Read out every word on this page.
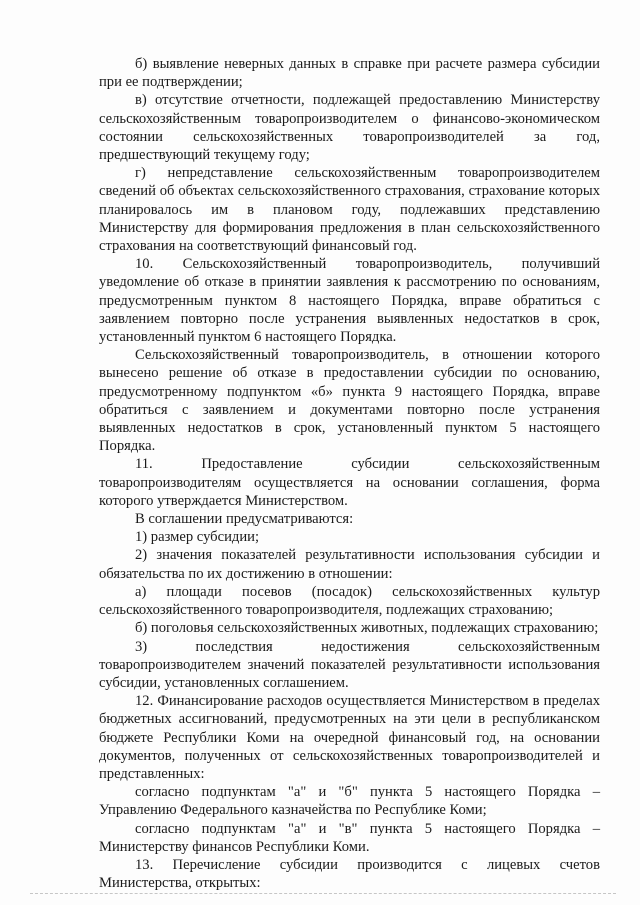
б) выявление неверных данных в справке при расчете размера субсидии при ее подтверждении;

в) отсутствие отчетности, подлежащей предоставлению Министерству сельскохозяйственным товаропроизводителем о финансово-экономическом состоянии сельскохозяйственных товаропроизводителей за год, предшествующий текущему году;

г) непредставление сельскохозяйственным товаропроизводителем сведений об объектах сельскохозяйственного страхования, страхование которых планировалось им в плановом году, подлежавших представлению Министерству для формирования предложения в план сельскохозяйственного страхования на соответствующий финансовый год.

10. Сельскохозяйственный товаропроизводитель, получивший уведомление об отказе в принятии заявления к рассмотрению по основаниям, предусмотренным пунктом 8 настоящего Порядка, вправе обратиться с заявлением повторно после устранения выявленных недостатков в срок, установленный пунктом 6 настоящего Порядка.

Сельскохозяйственный товаропроизводитель, в отношении которого вынесено решение об отказе в предоставлении субсидии по основанию, предусмотренному подпунктом «б» пункта 9 настоящего Порядка, вправе обратиться с заявлением и документами повторно после устранения выявленных недостатков в срок, установленный пунктом 5 настоящего Порядка.

11. Предоставление субсидии сельскохозяйственным товаропроизводителям осуществляется на основании соглашения, форма которого утверждается Министерством.

В соглашении предусматриваются:

1) размер субсидии;

2) значения показателей результативности использования субсидии и обязательства по их достижению в отношении:

а) площади посевов (посадок) сельскохозяйственных культур сельскохозяйственного товаропроизводителя, подлежащих страхованию;

б) поголовья сельскохозяйственных животных, подлежащих страхованию;

3) последствия недостижения сельскохозяйственным товаропроизводителем значений показателей результативности использования субсидии, установленных соглашением.

12. Финансирование расходов осуществляется Министерством в пределах бюджетных ассигнований, предусмотренных на эти цели в республиканском бюджете Республики Коми на очередной финансовый год, на основании документов, полученных от сельскохозяйственных товаропроизводителей и представленных:

согласно подпунктам "а" и "б" пункта 5 настоящего Порядка – Управлению Федерального казначейства по Республике Коми;

согласно подпунктам "а" и "в" пункта 5 настоящего Порядка – Министерству финансов Республики Коми.

13. Перечисление субсидии производится с лицевых счетов Министерства, открытых:
